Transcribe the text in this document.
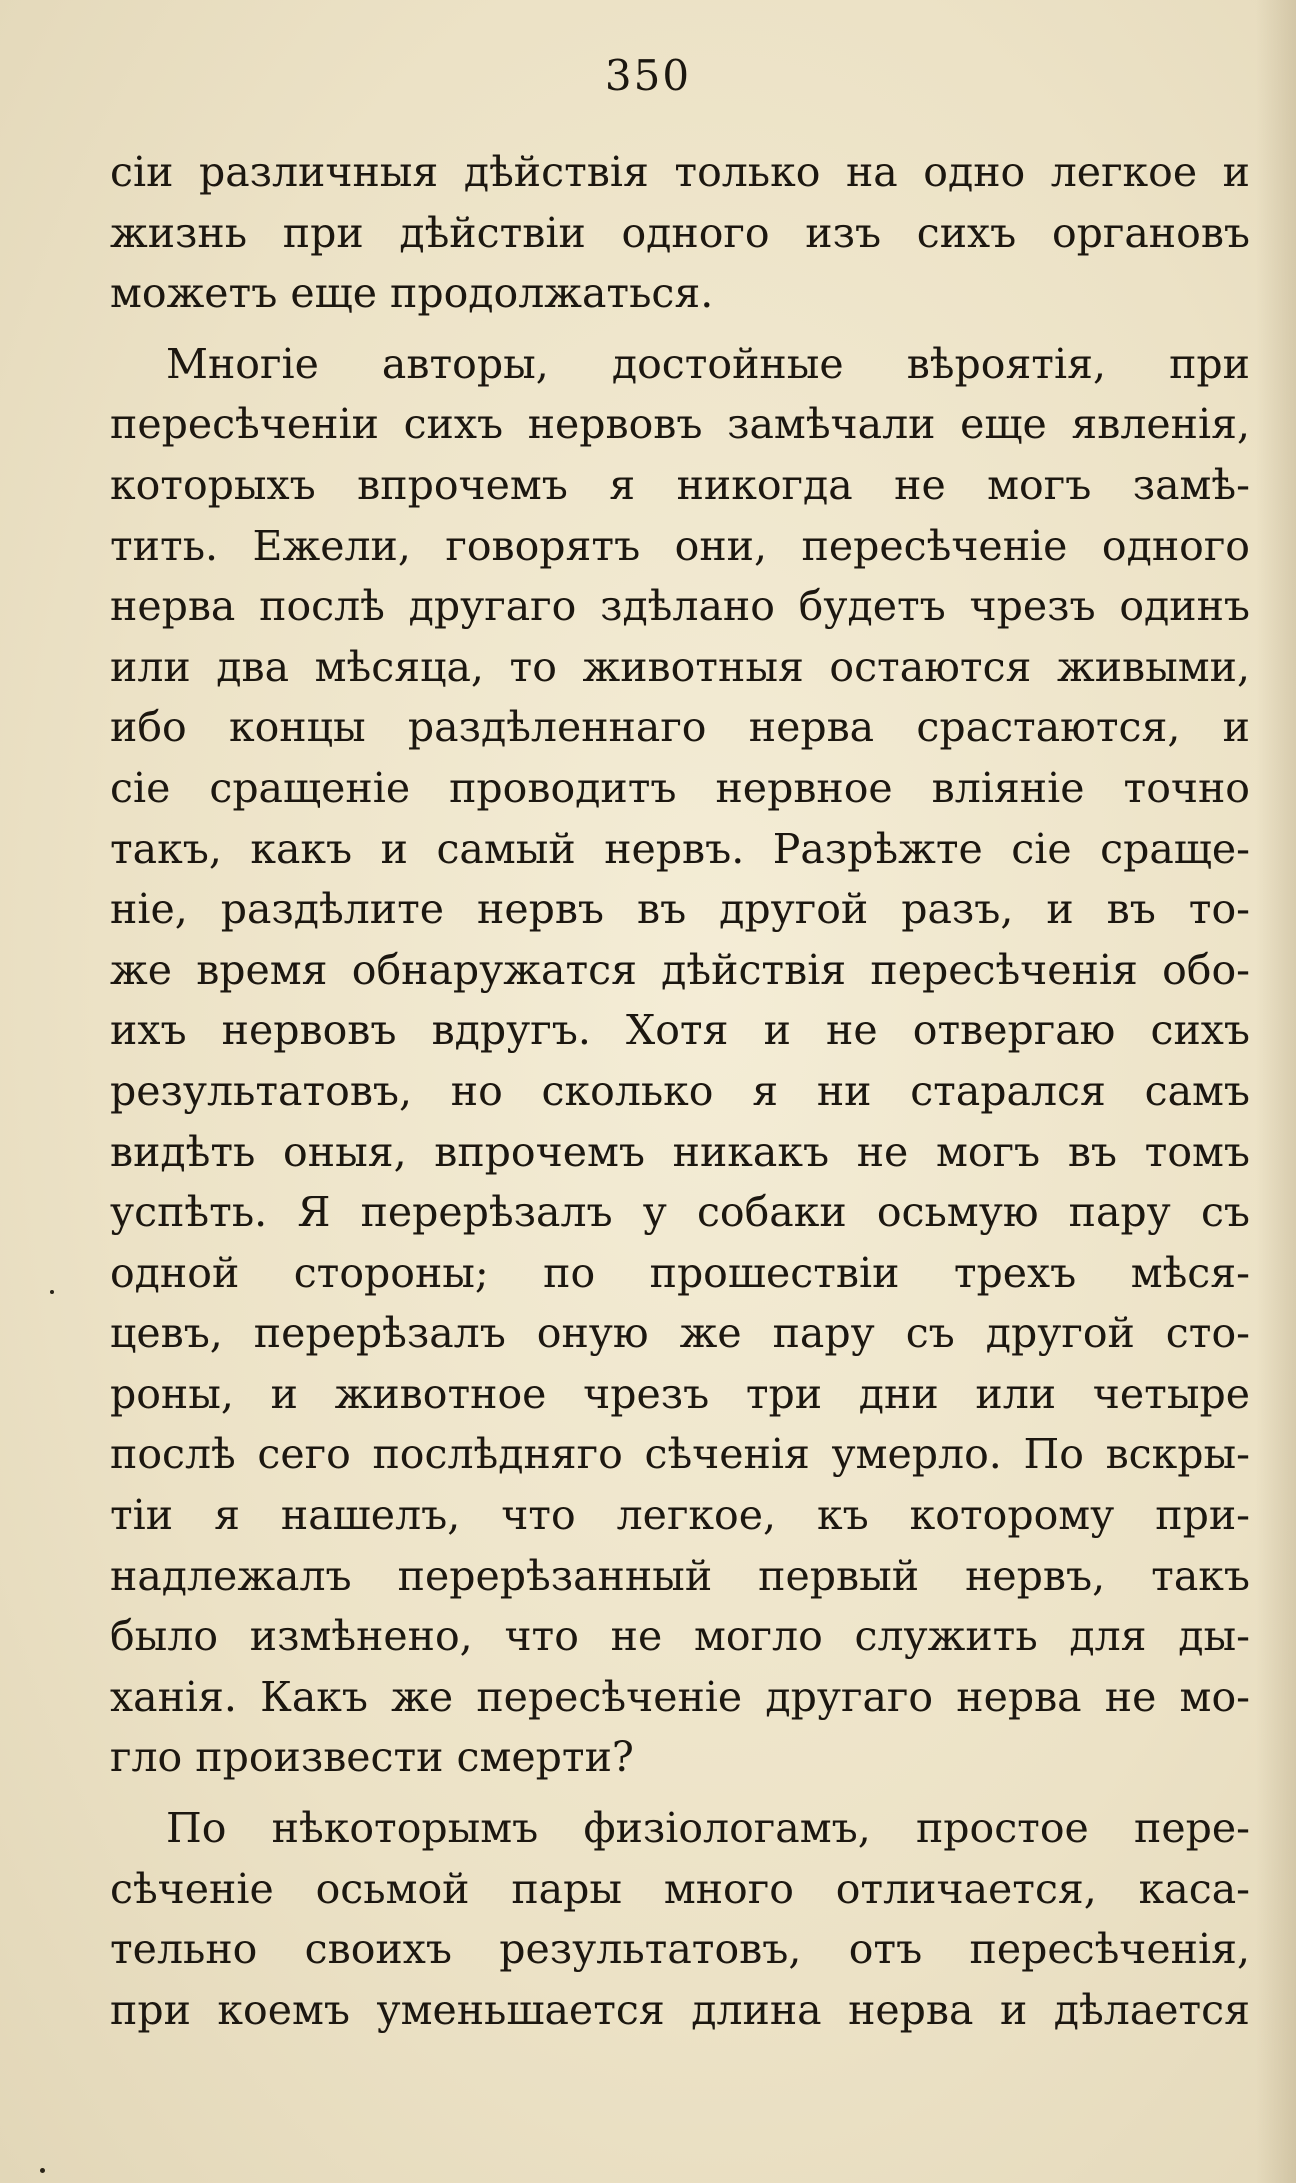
350
сіи различныя дѣйствія только на одно легкое и
жизнь при дѣйствіи одного изъ сихъ органовъ
можетъ еще продолжаться.
Многіе авторы, достойные вѣроятія, при
пересѣченіи сихъ нервовъ замѣчали еще явленія,
которыхъ впрочемъ я никогда не могъ замѣ-
тить. Ежели, говорятъ они, пересѣченіе одного
нерва послѣ другаго здѣлано будетъ чрезъ одинъ
или два мѣсяца, то животныя остаются живыми,
ибо концы раздѣленнаго нерва срастаются, и
сіе сращеніе проводитъ нервное вліяніе точно
такъ, какъ и самый нервъ. Разрѣжте сіе сраще-
ніе, раздѣлите нервъ въ другой разъ, и въ то-
же время обнаружатся дѣйствія пересѣченія обо-
ихъ нервовъ вдругъ. Хотя и не отвергаю сихъ
результатовъ, но сколько я ни старался самъ
видѣть оныя, впрочемъ никакъ не могъ въ томъ
успѣть. Я перерѣзалъ у собаки осьмую пару съ
одной стороны; по прошествіи трехъ мѣся-
цевъ, перерѣзалъ оную же пару съ другой сто-
роны, и животное чрезъ три дни или четыре
послѣ сего послѣдняго сѣченія умерло. По вскры-
тіи я нашелъ, что легкое, къ которому при-
надлежалъ перерѣзанный первый нервъ, такъ
было измѣнено, что не могло служить для ды-
ханія. Какъ же пересѣченіе другаго нерва не мо-
гло произвести смерти?
По нѣкоторымъ физіологамъ, простое пере-
сѣченіе осьмой пары много отличается, каса-
тельно своихъ результатовъ, отъ пересѣченія,
при коемъ уменьшается длина нерва и дѣлается
